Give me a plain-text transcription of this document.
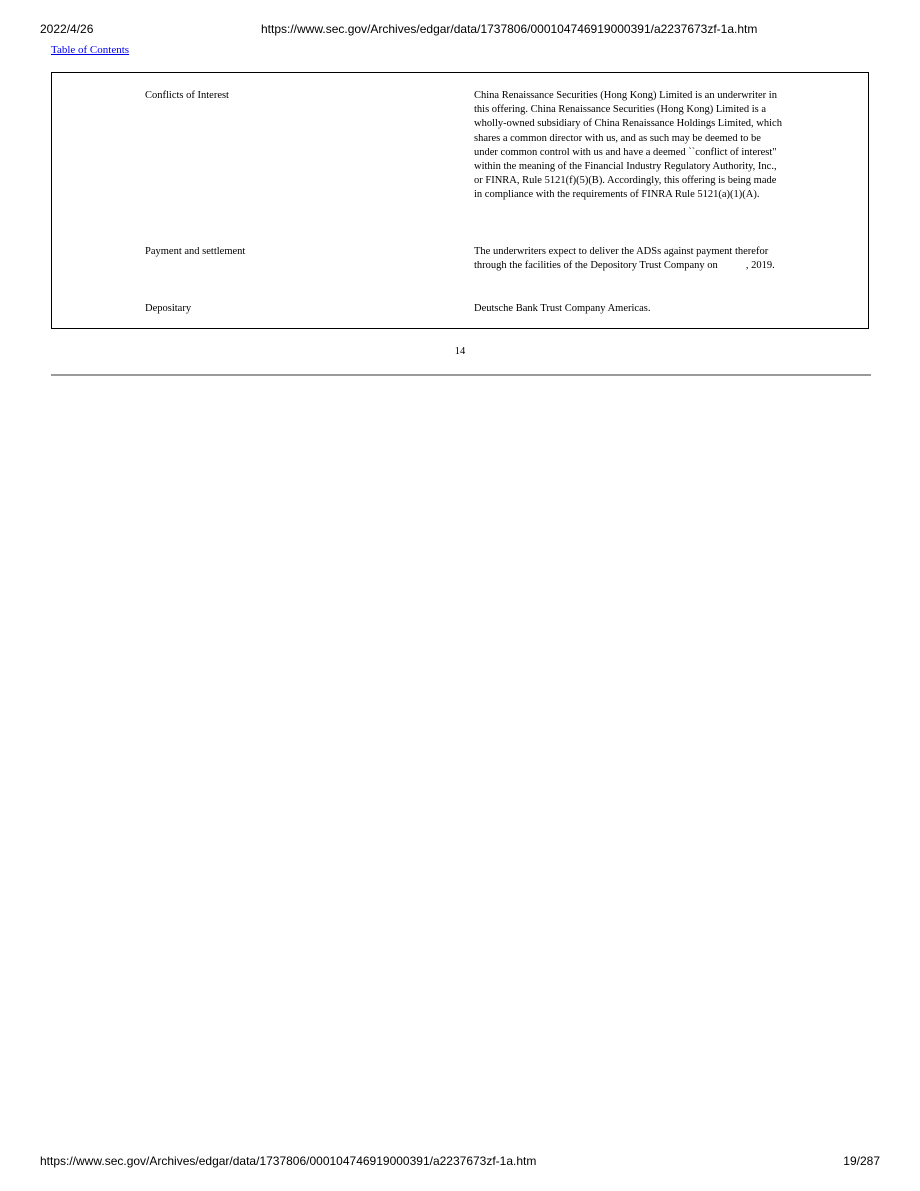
2022/4/26	https://www.sec.gov/Archives/edgar/data/1737806/000104746919000391/a2237673zf-1a.htm
Table of Contents
Conflicts of Interest	China Renaissance Securities (Hong Kong) Limited is an underwriter in this offering. China Renaissance Securities (Hong Kong) Limited is a wholly-owned subsidiary of China Renaissance Holdings Limited, which shares a common director with us, and as such may be deemed to be under common control with us and have a deemed ``conflict of interest" within the meaning of the Financial Industry Regulatory Authority, Inc., or FINRA, Rule 5121(f)(5)(B). Accordingly, this offering is being made in compliance with the requirements of FINRA Rule 5121(a)(1)(A).
Payment and settlement	The underwriters expect to deliver the ADSs against payment therefor through the facilities of the Depository Trust Company on	, 2019.
Depositary	Deutsche Bank Trust Company Americas.
14
https://www.sec.gov/Archives/edgar/data/1737806/000104746919000391/a2237673zf-1a.htm	19/287
